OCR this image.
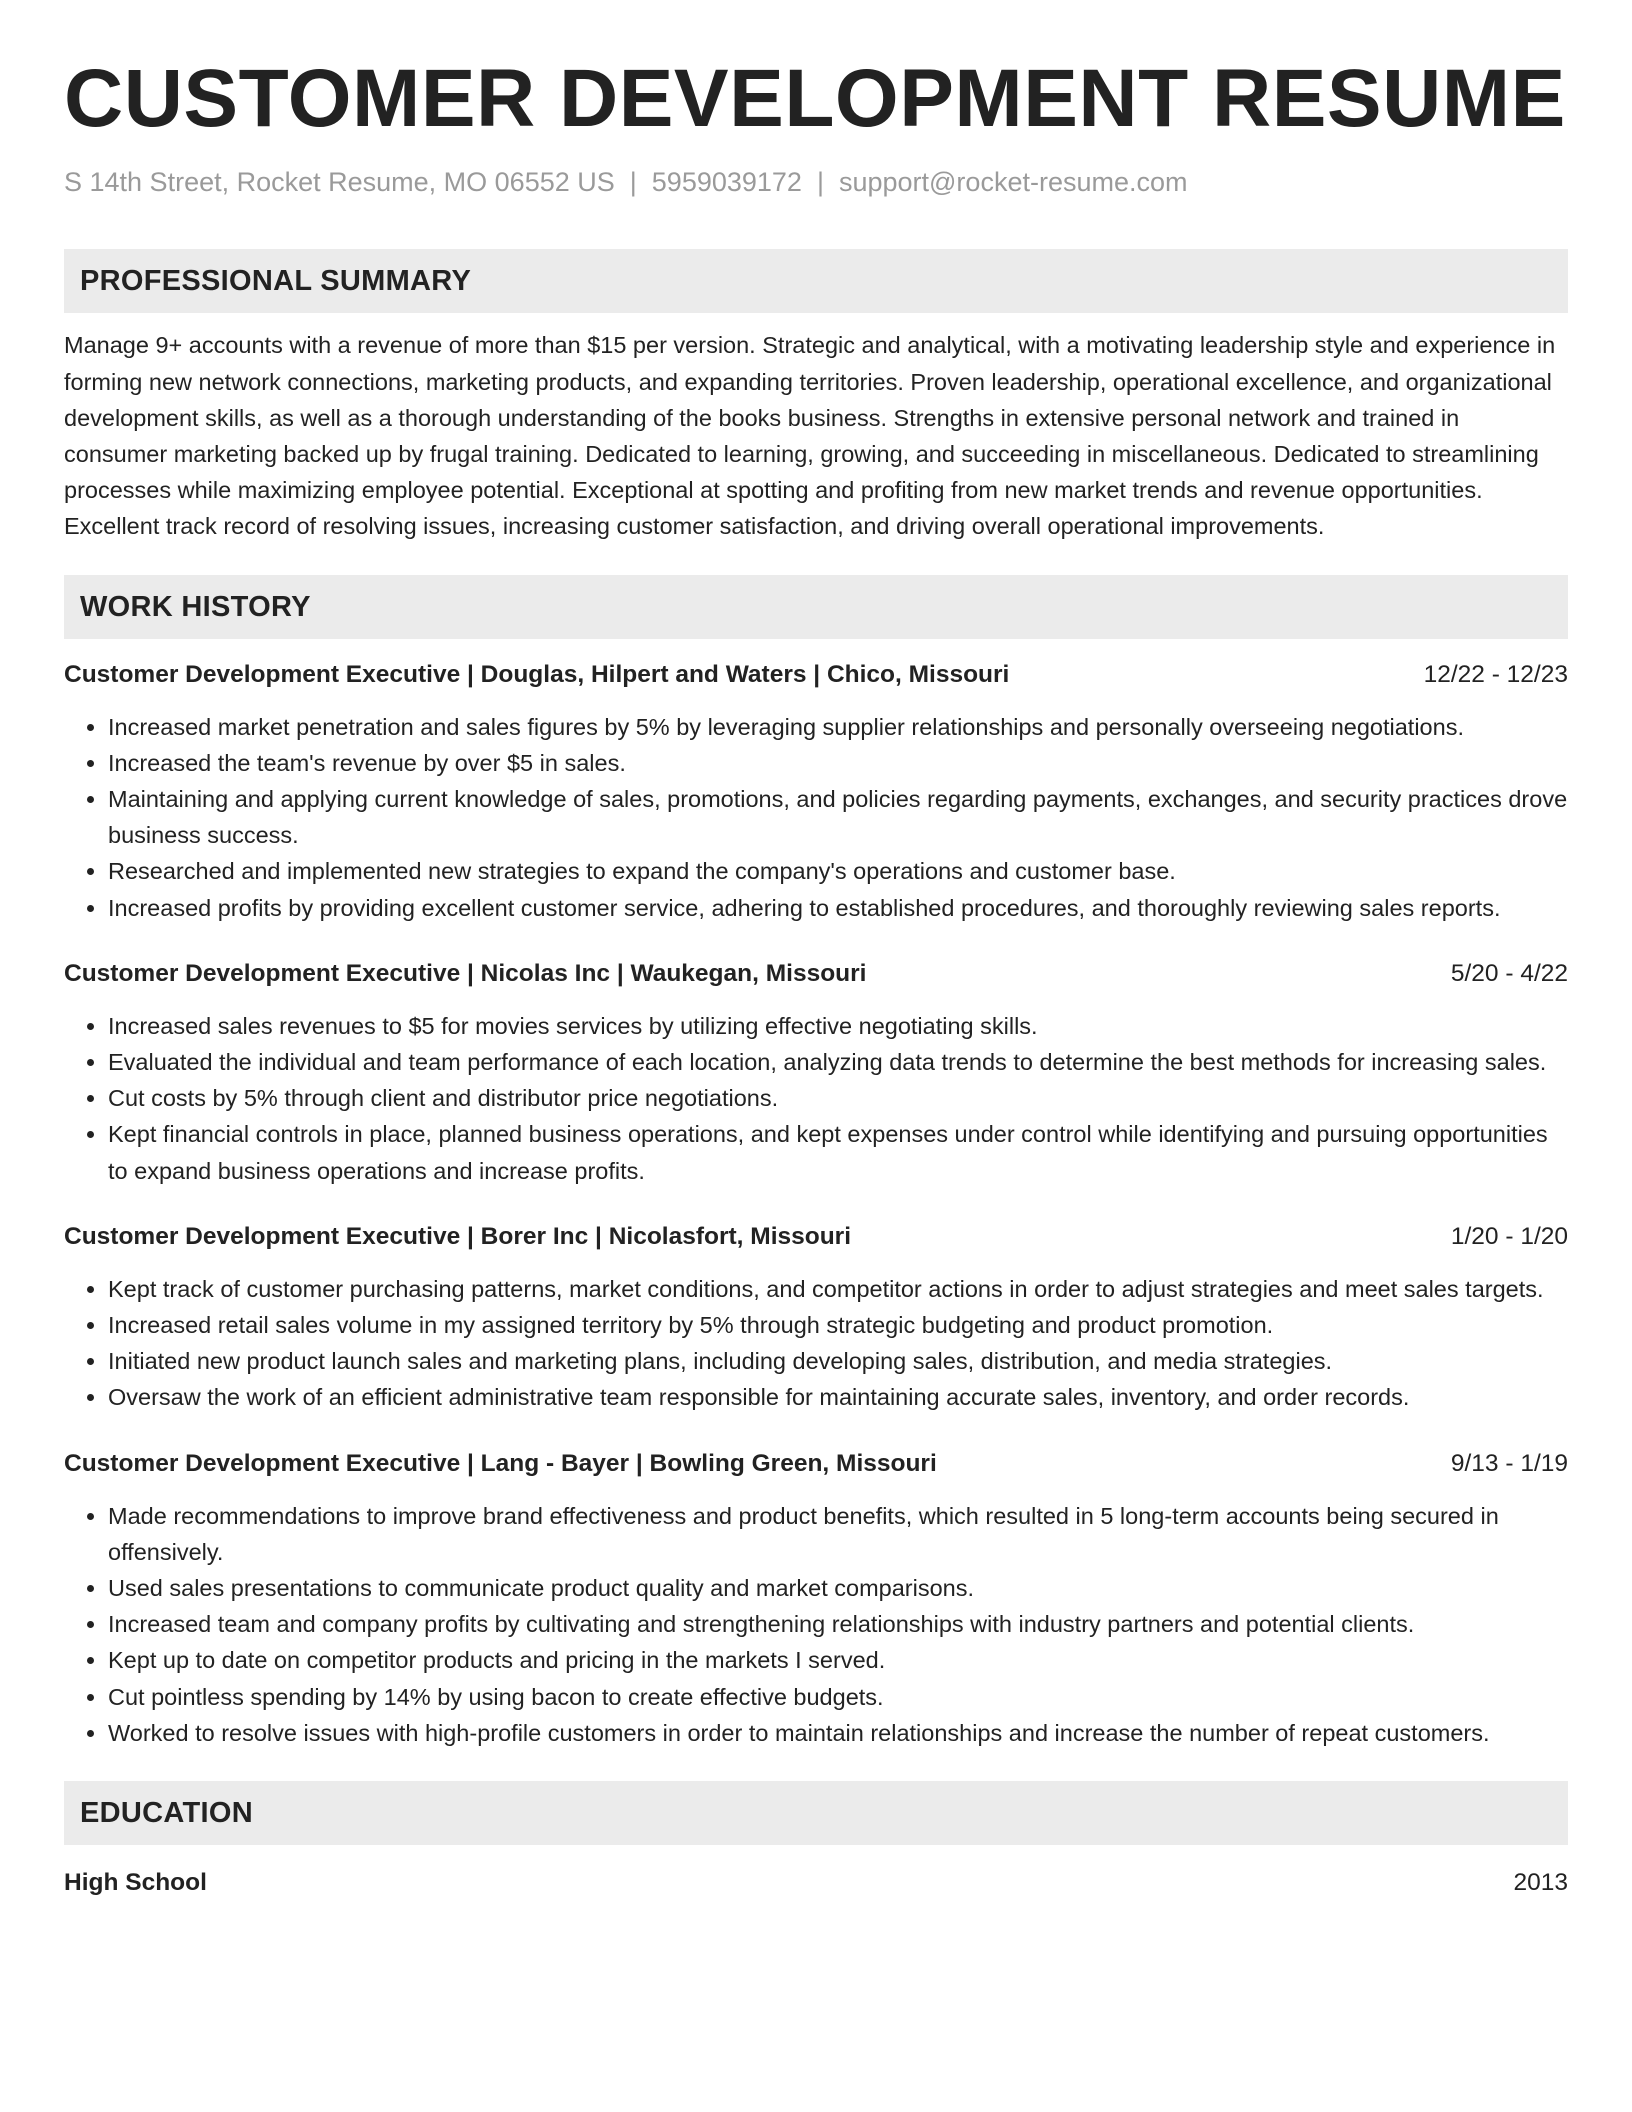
CUSTOMER DEVELOPMENT RESUME
S 14th Street, Rocket Resume, MO 06552 US | 5959039172 | support@rocket-resume.com
PROFESSIONAL SUMMARY

Manage 9+ accounts with a revenue of more than $15 per version. Strategic and analytical, with a motivating leadership style and experience in forming new network connections, marketing products, and expanding territories. Proven leadership, operational excellence, and organizational development skills, as well as a thorough understanding of the books business. Strengths in extensive personal network and trained in consumer marketing backed up by frugal training. Dedicated to learning, growing, and succeeding in miscellaneous. Dedicated to streamlining processes while maximizing employee potential. Exceptional at spotting and profiting from new market trends and revenue opportunities. Excellent track record of resolving issues, increasing customer satisfaction, and driving overall operational improvements.

WORK HISTORY
Customer Development Executive | Douglas, Hilpert and Waters | Chico, Missouri	12/22 - 12/23
• Increased market penetration and sales figures by 5% by leveraging supplier relationships and personally overseeing negotiations.
• Increased the team's revenue by over $5 in sales.
• Maintaining and applying current knowledge of sales, promotions, and policies regarding payments, exchanges, and security practices drove business success.
• Researched and implemented new strategies to expand the company's operations and customer base.
• Increased profits by providing excellent customer service, adhering to established procedures, and thoroughly reviewing sales reports.
Customer Development Executive | Nicolas Inc | Waukegan, Missouri	5/20 - 4/22
• Increased sales revenues to $5 for movies services by utilizing effective negotiating skills.
• Evaluated the individual and team performance of each location, analyzing data trends to determine the best methods for increasing sales.
• Cut costs by 5% through client and distributor price negotiations.
• Kept financial controls in place, planned business operations, and kept expenses under control while identifying and pursuing opportunities to expand business operations and increase profits.
Customer Development Executive | Borer Inc | Nicolasfort, Missouri	1/20 - 1/20
• Kept track of customer purchasing patterns, market conditions, and competitor actions in order to adjust strategies and meet sales targets.
• Increased retail sales volume in my assigned territory by 5% through strategic budgeting and product promotion.
• Initiated new product launch sales and marketing plans, including developing sales, distribution, and media strategies.
• Oversaw the work of an efficient administrative team responsible for maintaining accurate sales, inventory, and order records.
Customer Development Executive | Lang - Bayer | Bowling Green, Missouri	9/13 - 1/19
• Made recommendations to improve brand effectiveness and product benefits, which resulted in 5 long-term accounts being secured in offensively.
• Used sales presentations to communicate product quality and market comparisons.
• Increased team and company profits by cultivating and strengthening relationships with industry partners and potential clients.
• Kept up to date on competitor products and pricing in the markets I served.
• Cut pointless spending by 14% by using bacon to create effective budgets.
• Worked to resolve issues with high-profile customers in order to maintain relationships and increase the number of repeat customers.
EDUCATION
High School	2013
